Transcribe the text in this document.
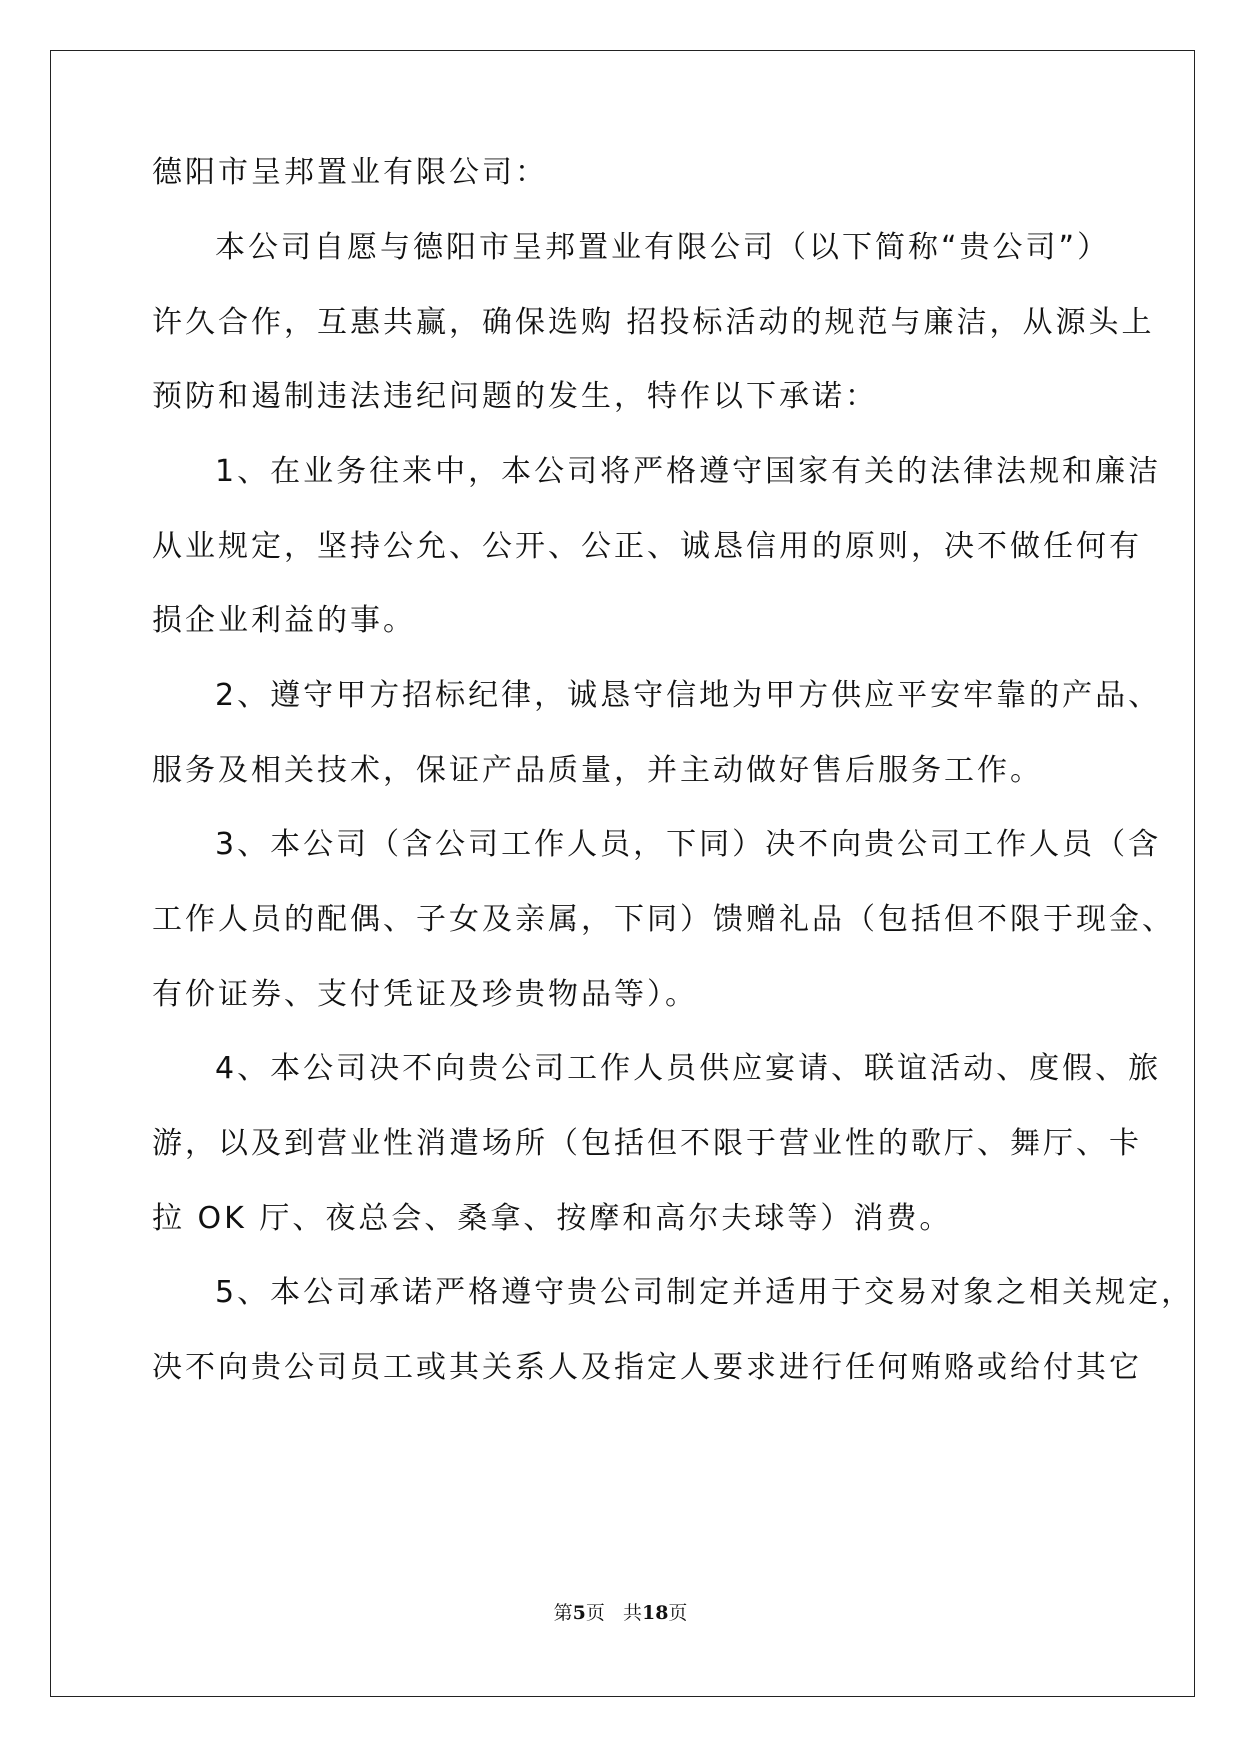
德阳市呈邦置业有限公司：
本公司自愿与德阳市呈邦置业有限公司（以下简称“贵公司”）
许久合作，互惠共赢，确保选购 招投标活动的规范与廉洁，从源头上
预防和遏制违法违纪问题的发生，特作以下承诺：
1、在业务往来中，本公司将严格遵守国家有关的法律法规和廉洁
从业规定，坚持公允、公开、公正、诚恳信用的原则，决不做任何有
损企业利益的事。
2、遵守甲方招标纪律，诚恳守信地为甲方供应平安牢靠的产品、
服务及相关技术，保证产品质量，并主动做好售后服务工作。
3、本公司（含公司工作人员，下同）决不向贵公司工作人员（含
工作人员的配偶、子女及亲属，下同）馈赠礼品（包括但不限于现金、
有价证券、支付凭证及珍贵物品等）。
4、本公司决不向贵公司工作人员供应宴请、联谊活动、度假、旅
游，以及到营业性消遣场所（包括但不限于营业性的歌厅、舞厅、卡
拉 OK 厅、夜总会、桑拿、按摩和高尔夫球等）消费。
5、本公司承诺严格遵守贵公司制定并适用于交易对象之相关规定，
决不向贵公司员工或其关系人及指定人要求进行任何贿赂或给付其它
第5页 共18页
